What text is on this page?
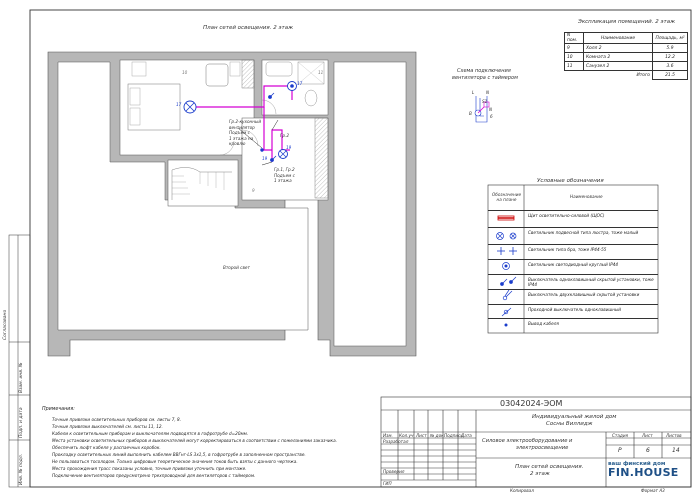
План сетей освещения. 2 этаж
Экспликация помещений. 2 этаж
N пом.	Наименование	Площадь, м²
9	Холл 2	5.9
10	Комната 2	12.2
11	Санузел 2	3.6
	Итого	21.5
Схема подключения
вентилятора с таймером
L	N
S1
N
B
6
Условные обозначения
Обозначение на плане
Наименование
Щит осветительно-силовой (ЩОС)
Светильник подвесной типа люстра, тоже малый
Светильник типа бра, тоже IP44-55
Светильник светодиодный круглый IP44
Выключатель одноклавишный скрытой установки, тоже IP44
Выключатель двухклавишный скрытой установки
Проходной выключатель одноклавишный
Вывод кабеля
Второй свет
Гр.2-кухонный
вентилятор
Подъем с
1 этажа на
кровлю
Гр.2
Гр.1, Гр.2
Подъем с
1 этажа
17
17
19
19
10	11
9
Примечания:
Точные привязки осветительных приборов см. листы 7, 8.
Точные привязки выключателей см. листы 11, 12.
Кабели к осветительным приборам и выключателям подводятся в гофротрубе d=20мм.
Места установки осветительных приборов и выключателей могут корректироваться в соответствии с пожеланиями заказчика.
Обеспечить люфт кабеля у распаечных коробок.
Прокладку осветительных линий выполнить кабелем ВВГнг-LS 3х1,5, в гофротрубе в заполненном пространстве.
Не пользоваться тосолодом. Только цифровые теоретическое значения токов быть взяты с данного чертежа.
Места прохождения трасс показаны условно, точные привязки уточнить при монтаже.
Подключение вентиляторов предусмотрено трехпроводной для вентиляторов с таймером.
Инв. № подл.
Подп. и дата
Взам. инв. №
Согласовано
03042024-ЭОМ
Индивидуальный жилой дом
Сосны Виллидж
Изм. Кол.уч Лист № док.
Подпись
Дата
Разработал
Проверил
ГИП
Силовое электрооборудование и
электроосвещение
Стадия	Лист	Листов
Р	6	14
План сетей освещения.
2 этаж
ваш финский дом
FIN.HOUSE
Копировал	Формат А3
